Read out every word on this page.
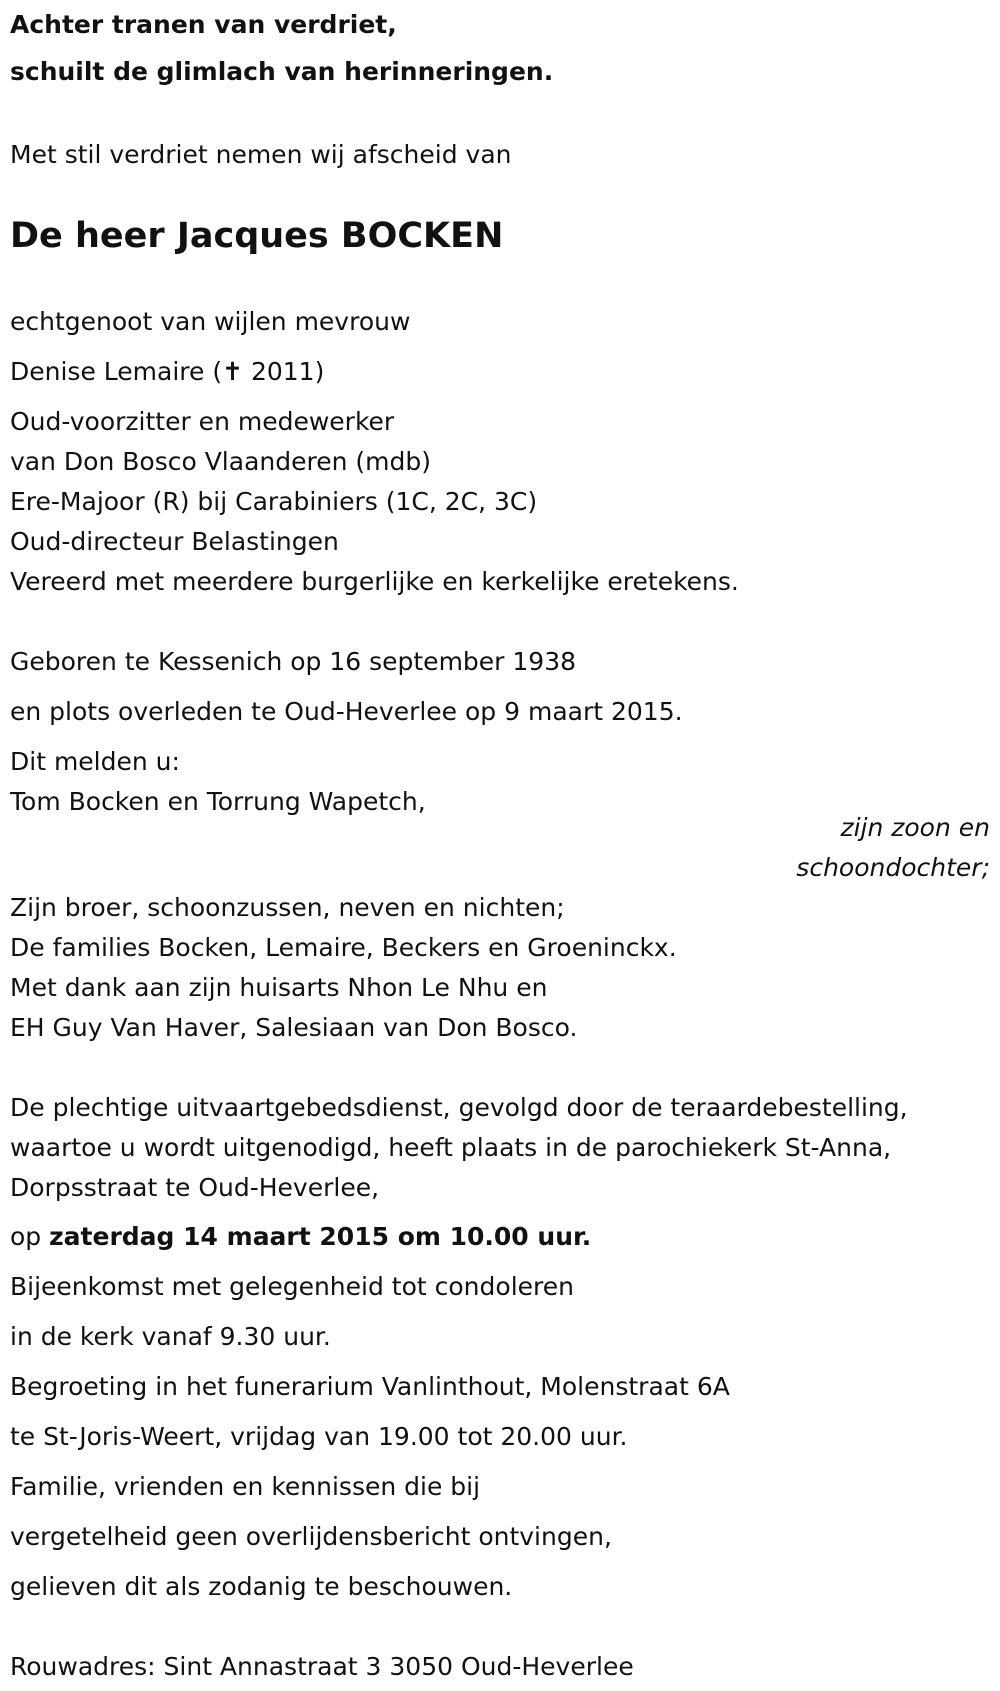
Achter tranen van verdriet,

schuilt de glimlach van herinneringen.

Met stil verdriet nemen wij afscheid van

De heer Jacques BOCKEN

echtgenoot van wijlen mevrouw

Denise Lemaire (✝ 2011)

Oud-voorzitter en medewerker

van Don Bosco Vlaanderen (mdb)

Ere-Majoor (R) bij Carabiniers (1C, 2C, 3C)

Oud-directeur Belastingen

Vereerd met meerdere burgerlijke en kerkelijke eretekens.

Geboren te Kessenich op 16 september 1938

en plots overleden te Oud-Heverlee op 9 maart 2015.

Dit melden u:

Tom Bocken en Torrung Wapetch,

zijn zoon en

schoondochter;

Zijn broer, schoonzussen, neven en nichten;

De families Bocken, Lemaire, Beckers en Groeninckx.

Met dank aan zijn huisarts Nhon Le Nhu en

EH Guy Van Haver, Salesiaan van Don Bosco.

De plechtige uitvaartgebedsdienst, gevolgd door de teraardebestelling,

waartoe u wordt uitgenodigd, heeft plaats in de parochiekerk St-Anna,

Dorpsstraat te Oud-Heverlee,

op zaterdag 14 maart 2015 om 10.00 uur.

Bijeenkomst met gelegenheid tot condoleren

in de kerk vanaf 9.30 uur.

Begroeting in het funerarium Vanlinthout, Molenstraat 6A

te St-Joris-Weert, vrijdag van 19.00 tot 20.00 uur.

Familie, vrienden en kennissen die bij

vergetelheid geen overlijdensbericht ontvingen,

gelieven dit als zodanig te beschouwen.

Rouwadres: Sint Annastraat 3 3050 Oud-Heverlee
